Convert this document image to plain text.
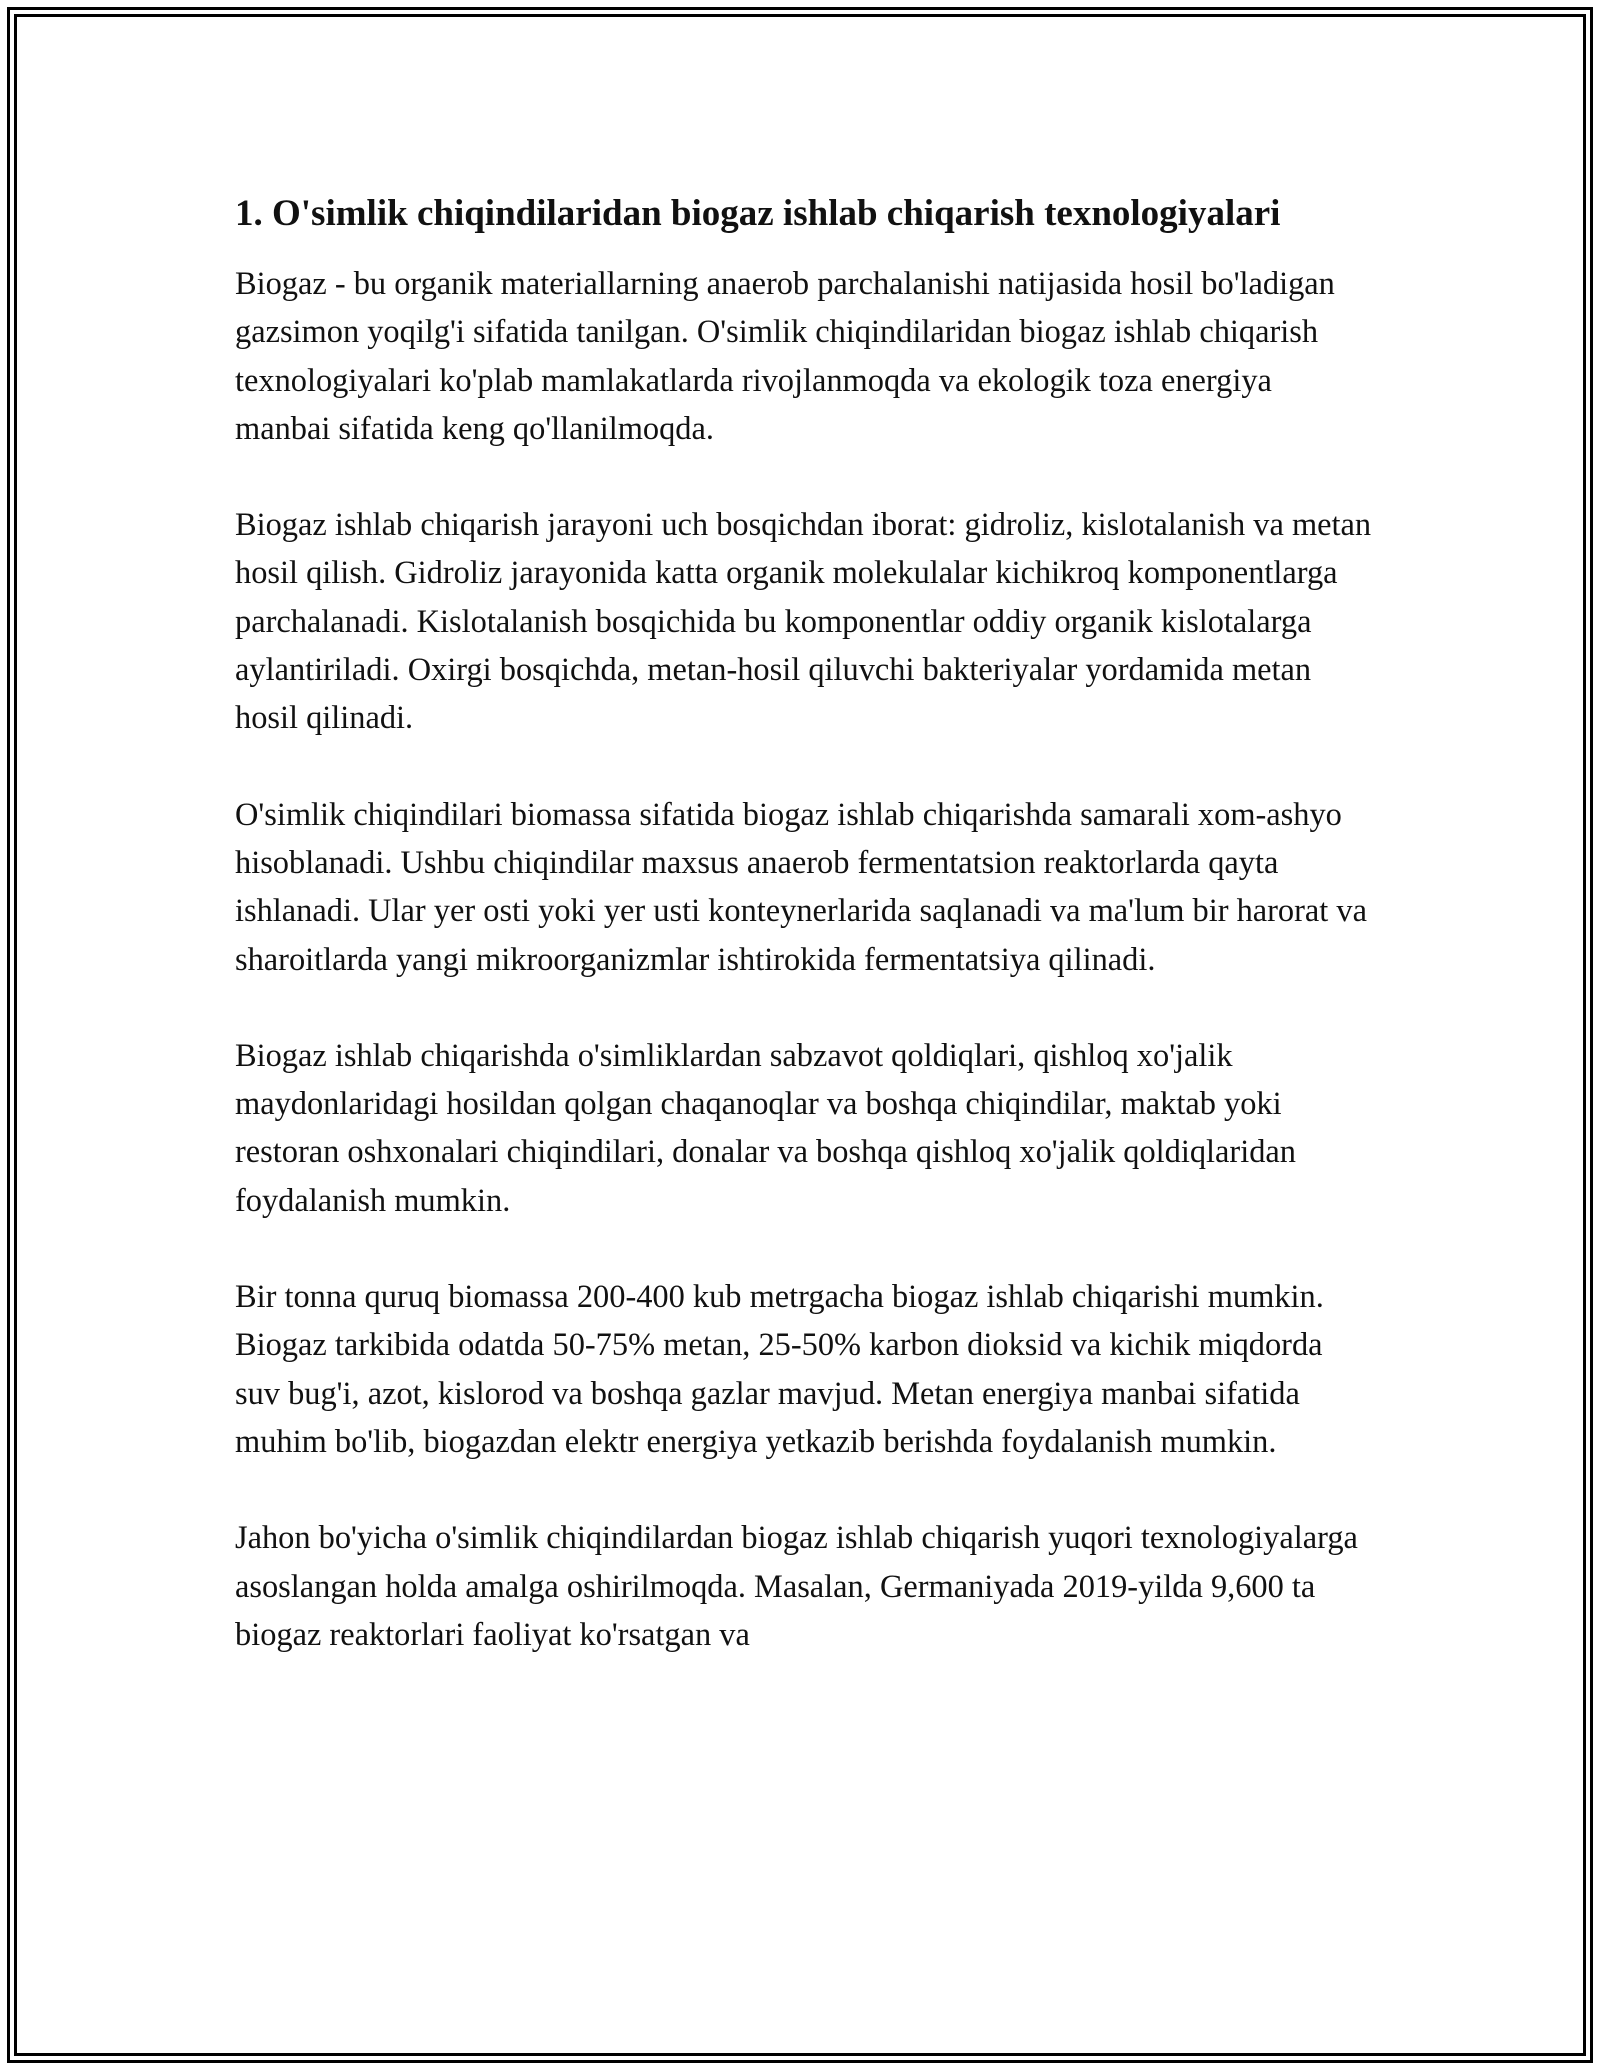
1. O'simlik chiqindilaridan biogaz ishlab chiqarish texnologiyalari

Biogaz - bu organik materiallarning anaerob parchalanishi natijasida hosil bo'ladigan gazsimon yoqilg'i sifatida tanilgan. O'simlik chiqindilaridan biogaz ishlab chiqarish texnologiyalari ko'plab mamlakatlarda rivojlanmoqda va ekologik toza energiya manbai sifatida keng qo'llanilmoqda.

Biogaz ishlab chiqarish jarayoni uch bosqichdan iborat: gidroliz, kislotalanish va metan hosil qilish. Gidroliz jarayonida katta organik molekulalar kichikroq komponentlarga parchalanadi. Kislotalanish bosqichida bu komponentlar oddiy organik kislotalarga aylantiriladi. Oxirgi bosqichda, metan-hosil qiluvchi bakteriyalar yordamida metan hosil qilinadi.

O'simlik chiqindilari biomassa sifatida biogaz ishlab chiqarishda samarali xom-ashyo hisoblanadi. Ushbu chiqindilar maxsus anaerob fermentatsion reaktorlarda qayta ishlanadi. Ular yer osti yoki yer usti konteynerlarida saqlanadi va ma'lum bir harorat va sharoitlarda yangi mikroorganizmlar ishtirokida fermentatsiya qilinadi.

Biogaz ishlab chiqarishda o'simliklardan sabzavot qoldiqlari, qishloq xo'jalik maydonlaridagi hosildan qolgan chaqanoqlar va boshqa chiqindilar, maktab yoki restoran oshxonalari chiqindilari, donalar va boshqa qishloq xo'jalik qoldiqlaridan foydalanish mumkin.

Bir tonna quruq biomassa 200-400 kub metrgacha biogaz ishlab chiqarishi mumkin. Biogaz tarkibida odatda 50-75% metan, 25-50% karbon dioksid va kichik miqdorda suv bug'i, azot, kislorod va boshqa gazlar mavjud. Metan energiya manbai sifatida muhim bo'lib, biogazdan elektr energiya yetkazib berishda foydalanish mumkin.

Jahon bo'yicha o'simlik chiqindilardan biogaz ishlab chiqarish yuqori texnologiyalarga asoslangan holda amalga oshirilmoqda. Masalan, Germaniyada 2019-yilda 9,600 ta biogaz reaktorlari faoliyat ko'rsatgan va
